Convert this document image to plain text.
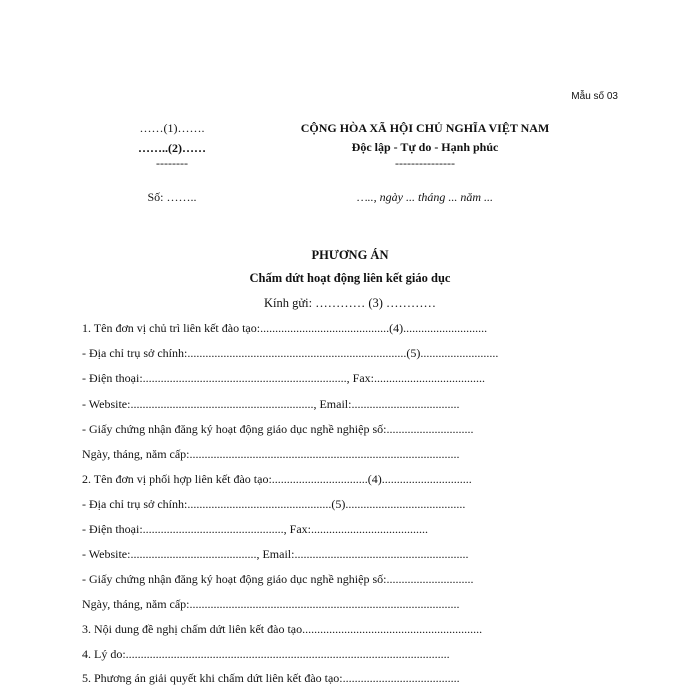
Mẫu số 03
……(1)…….
……..(2)……
--------
Số: ……..
CỘNG HÒA XÃ HỘI CHỦ NGHĨA VIỆT NAM
Độc lập - Tự do - Hạnh phúc
---------------
….., ngày ... tháng ... năm ...
PHƯƠNG ÁN
Chấm dứt hoạt động liên kết giáo dục
Kính gửi: ………… (3) …………
1. Tên đơn vị chủ trì liên kết đào tạo:...........................................(4)............................
- Địa chỉ trụ sở chính:.........................................................................(5)..........................
- Điện thoại:...................................................................., Fax:.....................................
- Website:............................................................., Email:....................................
- Giấy chứng nhận đăng ký hoạt động giáo dục nghề nghiệp số:.............................
Ngày, tháng, năm cấp:..........................................................................................
2. Tên đơn vị phối hợp liên kết đào tạo:................................(4)..............................
- Địa chỉ trụ sở chính:................................................(5)........................................
- Điện thoại:..............................................., Fax:.......................................
- Website:.........................................., Email:..........................................................
- Giấy chứng nhận đăng ký hoạt động giáo dục nghề nghiệp số:.............................
Ngày, tháng, năm cấp:..........................................................................................
3. Nội dung đề nghị chấm dứt liên kết đào tạo............................................................
4. Lý do:............................................................................................................
5. Phương án giải quyết khi chấm dứt liên kết đào tạo:.......................................
